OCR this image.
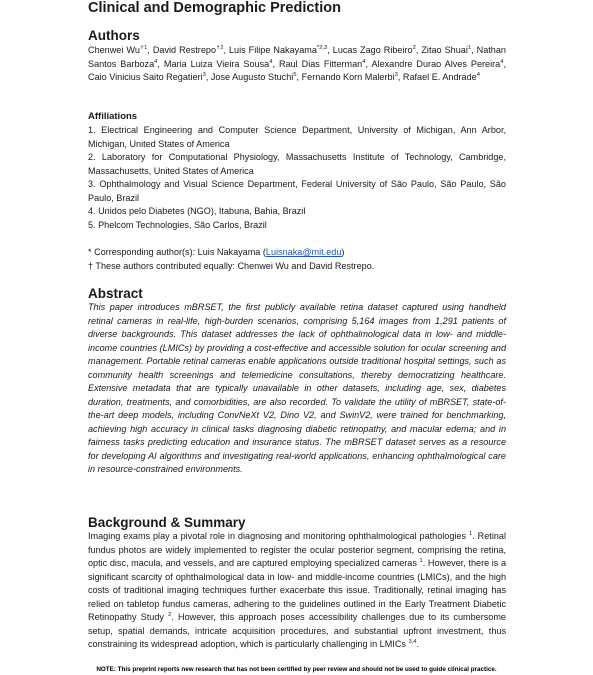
Clinical and Demographic Prediction
Authors
Chenwei Wu$^{\dagger 1}$, David Restrepo$^{\dagger 2}$, Luis Filipe Nakayama$^{*2,3}$, Lucas Zago Ribeiro$^2$, Zitao Shuai$^1$, Nathan Santos Barboza$^4$, Maria Luiza Vieira Sousa$^4$, Raul Dias Fitterman$^4$, Alexandre Durao Alves Pereira$^4$, Caio Vinicius Saito Regatieri$^3$, Jose Augusto Stuchi$^5$, Fernando Korn Malerbi$^3$, Rafael E. Andrade$^4$
Affiliations
1. Electrical Engineering and Computer Science Department, University of Michigan, Ann Arbor, Michigan, United States of America
2. Laboratory for Computational Physiology, Massachusetts Institute of Technology, Cambridge, Massachusetts, United States of America
3. Ophthalmology and Visual Science Department, Federal University of São Paulo, São Paulo, São Paulo, Brazil
4. Unidos pelo Diabetes (NGO), Itabuna, Bahia, Brazil
5. Phelcom Technologies, São Carlos, Brazil
* Corresponding author(s): Luis Nakayama (Luisnaka@mit.edu)
† These authors contributed equally: Chenwei Wu and David Restrepo.
Abstract
This paper introduces mBRSET, the first publicly available retina dataset captured using handheld retinal cameras in real-life, high-burden scenarios, comprising 5,164 images from 1,291 patients of diverse backgrounds. This dataset addresses the lack of ophthalmological data in low- and middle-income countries (LMICs) by providing a cost-effective and accessible solution for ocular screening and management. Portable retinal cameras enable applications outside traditional hospital settings, such as community health screenings and telemedicine consultations, thereby democratizing healthcare. Extensive metadata that are typically unavailable in other datasets, including age, sex, diabetes duration, treatments, and comorbidities, are also recorded. To validate the utility of mBRSET, state-of-the-art deep models, including ConvNeXt V2, Dino V2, and SwinV2, were trained for benchmarking, achieving high accuracy in clinical tasks diagnosing diabetic retinopathy, and macular edema; and in fairness tasks predicting education and insurance status. The mBRSET dataset serves as a resource for developing AI algorithms and investigating real-world applications, enhancing ophthalmological care in resource-constrained environments.
Background & Summary
Imaging exams play a pivotal role in diagnosing and monitoring ophthalmological pathologies $^1$. Retinal fundus photos are widely implemented to register the ocular posterior segment, comprising the retina, optic disc, macula, and vessels, and are captured employing specialized cameras $^1$. However, there is a significant scarcity of ophthalmological data in low- and middle-income countries (LMICs), and the high costs of traditional imaging techniques further exacerbate this issue. Traditionally, retinal imaging has relied on tabletop fundus cameras, adhering to the guidelines outlined in the Early Treatment Diabetic Retinopathy Study $^2$. However, this approach poses accessibility challenges due to its cumbersome setup, spatial demands, intricate acquisition procedures, and substantial upfront investment, thus constraining its widespread adoption, which is particularly challenging in LMICs $^{3,4}$.
NOTE: This preprint reports new research that has not been certified by peer review and should not be used to guide clinical practice.
